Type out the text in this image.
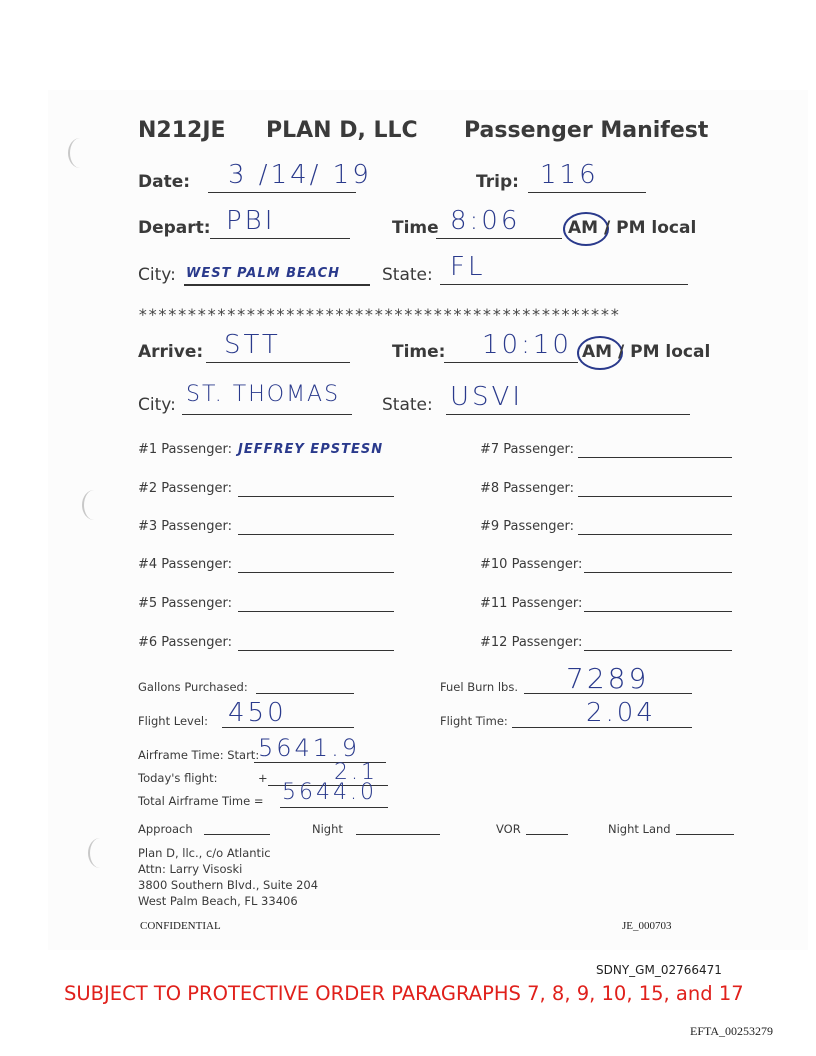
N212JE PLAN D, LLC Passenger Manifest
Date: 3 /14/ 19	Trip: 116
Depart: PBI	Time 8:06	AM / PM local
City: WEST PALM BEACH State: FL
*************************************************
Arrive: STT	Time: 10:10 AM / PM local
City: ST. THOMAS State: USVI
#1 Passenger: JEFFREY EPSTESN
#2 Passenger:
#3 Passenger:
#4 Passenger:
#5 Passenger:
#6 Passenger:
#7 Passenger:
#8 Passenger:
#9 Passenger:
#10 Passenger:
#11 Passenger:
#12 Passenger:
Gallons Purchased:	Fuel Burn lbs. 7289
Flight Level: 450	Flight Time:	2.04
Airframe Time: Start:
5641.9
Today's flight:	+	2.1
Total Airframe Time = 5644.0
Approach	Night	VOR	Night Land
Plan D, llc., c/o Atlantic
Attn: Larry Visoski
3800 Southern Blvd., Suite 204
West Palm Beach, FL 33406
CONFIDENTIAL	JE_000703
SDNY_GM_02766471
SUBJECT TO PROTECTIVE ORDER PARAGRAPHS 7, 8, 9, 10, 15, and 17
EFTA_00253279
